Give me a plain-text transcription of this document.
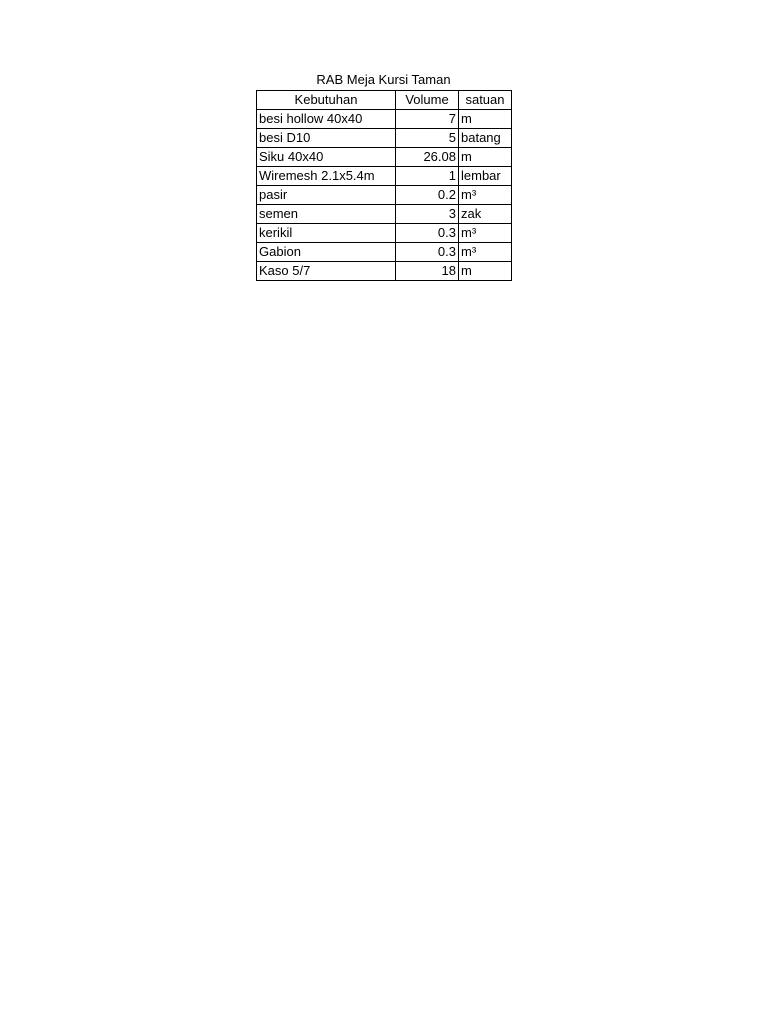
RAB Meja Kursi Taman
Kebutuhan	Volume	satuan
besi hollow 40x40	7	m
besi D10	5	batang
Siku 40x40	26.08	m
Wiremesh 2.1x5.4m	1	lembar
pasir	0.2	m³
semen	3	zak
kerikil	0.3	m³
Gabion	0.3	m³
Kaso 5/7	18	m
